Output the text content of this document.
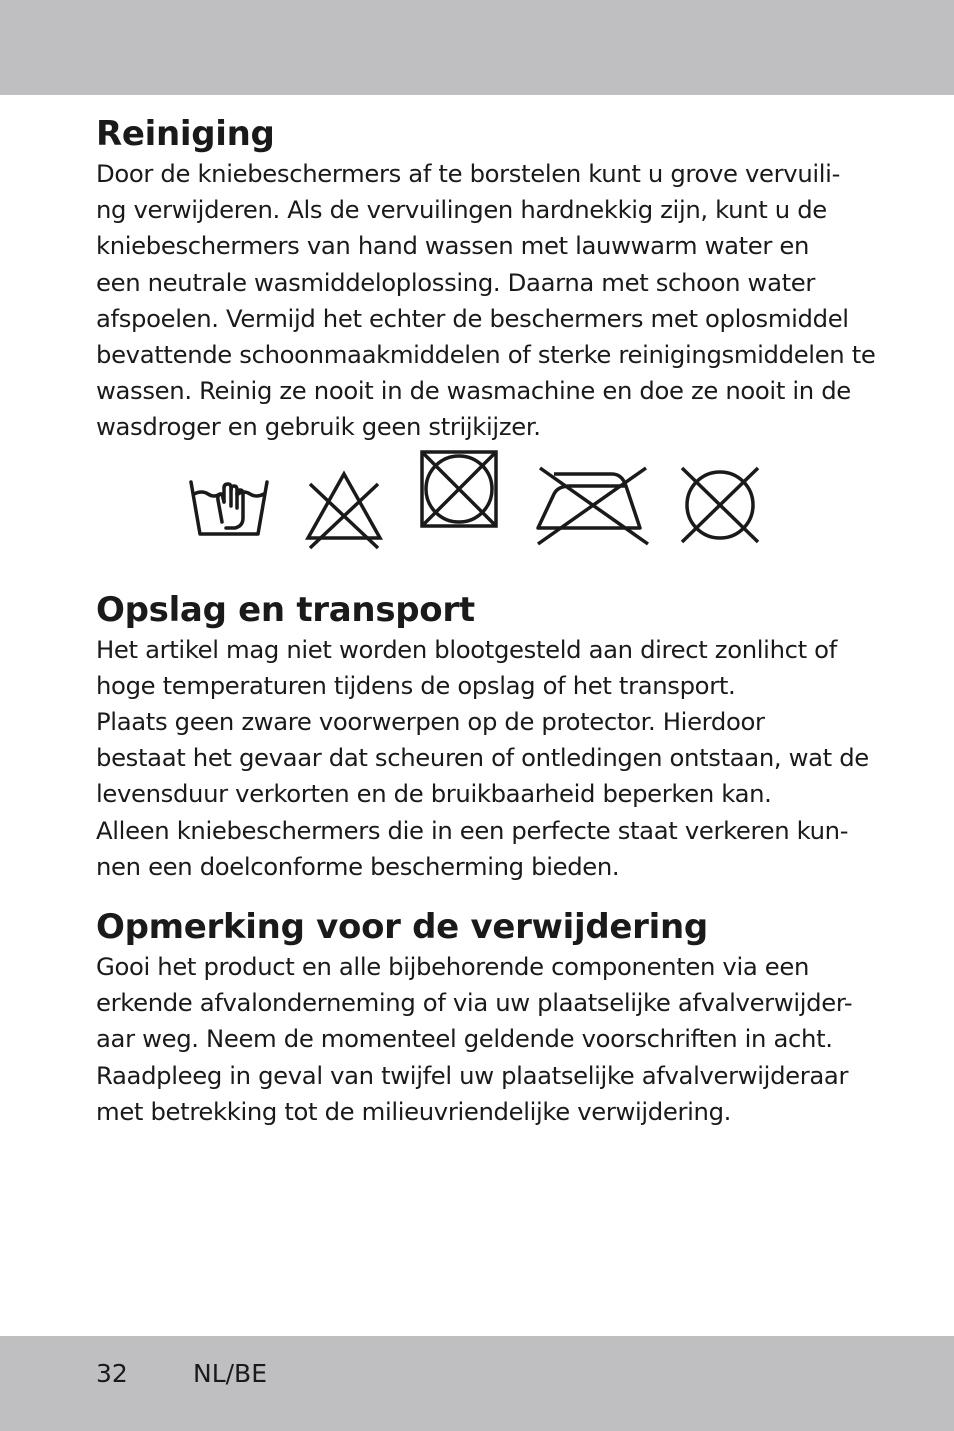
Reiniging
Door de kniebeschermers af te borstelen kunt u grove vervuili-
ng verwijderen. Als de vervuilingen hardnekkig zijn, kunt u de
kniebeschermers van hand wassen met lauwwarm water en
een neutrale wasmiddeloplossing. Daarna met schoon water
afspoelen. Vermijd het echter de beschermers met oplosmiddel
bevattende schoonmaakmiddelen of sterke reinigingsmiddelen te
wassen. Reinig ze nooit in de wasmachine en doe ze nooit in de
wasdroger en gebruik geen strijkijzer.
Opslag en transport
Het artikel mag niet worden blootgesteld aan direct zonlihct of
hoge temperaturen tijdens de opslag of het transport.
Plaats geen zware voorwerpen op de protector. Hierdoor
bestaat het gevaar dat scheuren of ontledingen ontstaan, wat de
levensduur verkorten en de bruikbaarheid beperken kan.
Alleen kniebeschermers die in een perfecte staat verkeren kun-
nen een doelconforme bescherming bieden.
Opmerking voor de verwijdering
Gooi het product en alle bijbehorende componenten via een
erkende afvalonderneming of via uw plaatselijke afvalverwijder-
aar weg. Neem de momenteel geldende voorschriften in acht.
Raadpleeg in geval van twijfel uw plaatselijke afvalverwijderaar
met betrekking tot de milieuvriendelijke verwijdering.
32	NL/BE
